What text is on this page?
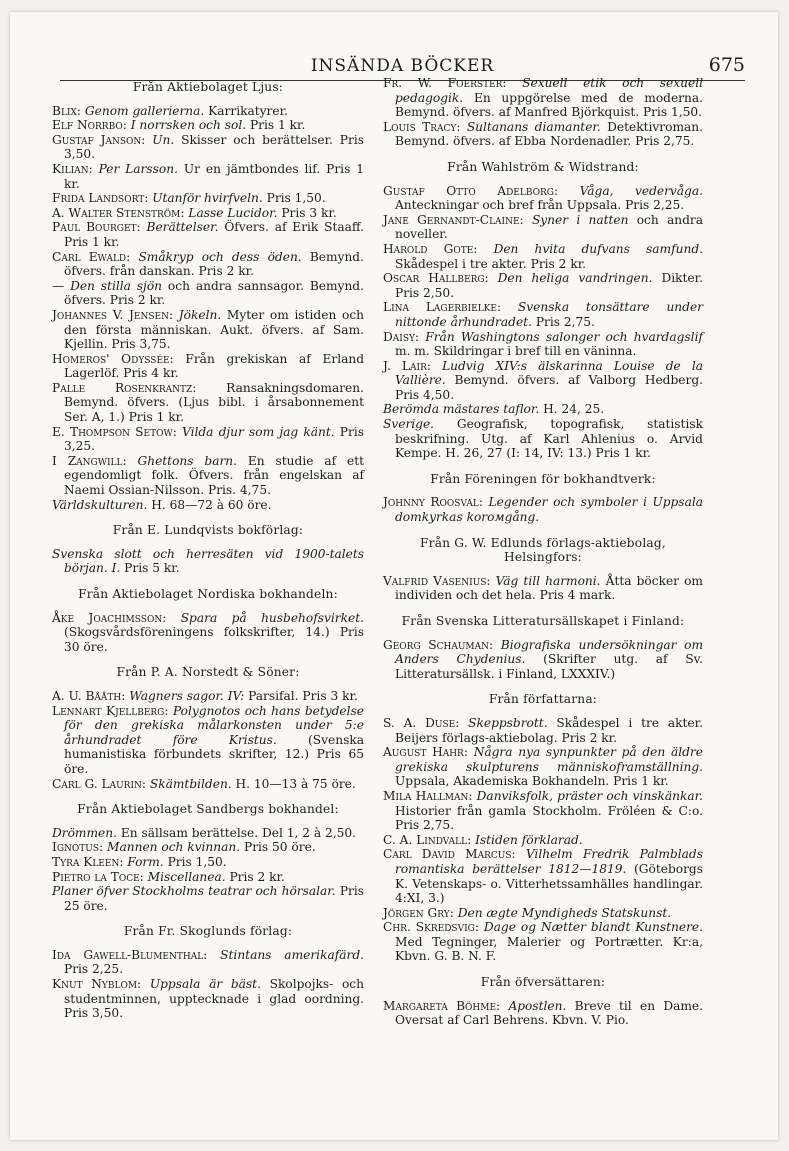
INSÄNDA BÖCKER	675
Från Aktiebolaget Ljus:
Blix: Genom gallerierna. Karrikatyrer.
Elf Norrbo: I norrsken och sol. Pris 1 kr.
Gustaf Janson: Un. Skisser och berättelser. Pris 3,50.
Kilian: Per Larsson. Ur en jämtbondes lif. Pris 1 kr.
Frida Landsort: Utanför hvirfveln. Pris 1,50.
A. Walter Stenström: Lasse Lucidor. Pris 3 kr.
Paul Bourget: Berättelser. Öfvers. af Erik Staaff. Pris 1 kr.
Carl Ewald: Småkryp och dess öden. Bemynd. öfvers. från danskan. Pris 2 kr.
— Den stilla sjön och andra sannsagor. Bemynd. öfvers. Pris 2 kr.
Johannes V. Jensen: Jökeln. Myter om istiden och den första människan. Aukt. öfvers. af Sam. Kjellin. Pris 3,75.
Homeros' Odyssée: Från grekiskan af Erland Lagerlöf. Pris 4 kr.
Palle Rosenkrantz: Ransakningsdomaren. Bemynd. öfvers. (Ljus bibl. i årsabonnement Ser. A, 1.) Pris 1 kr.
E. Thompson Setow: Vilda djur som jag känt. Pris 3,25.
I Zangwill: Ghettons barn. En studie af ett egendomligt folk. Öfvers. från engelskan af Naemi Ossian-Nilsson. Pris. 4,75.
Världskulturen. H. 68—72 à 60 öre.
Från E. Lundqvists bokförlag:
Svenska slott och herresäten vid 1900-talets början. I. Pris 5 kr.
Från Aktiebolaget Nordiska bokhandeln:
Åke Joachimsson: Spara på husbehofsvirket. (Skogsvårdsföreningens folkskrifter, 14.) Pris 30 öre.
Från P. A. Norstedt & Söner:
A. U. Bååth: Wagners sagor. IV: Parsifal. Pris 3 kr.
Lennart Kjellberg: Polygnotos och hans betydelse för den grekiska målarkonsten under 5:e århundradet före Kristus. (Svenska humanistiska förbundets skrifter, 12.) Pris 65 öre.
Carl G. Laurin: Skämtbilden. H. 10—13 à 75 öre.
Från Aktiebolaget Sandbergs bokhandel:
Drömmen. En sällsam berättelse. Del 1, 2 à 2,50.
Ignotus: Mannen och kvinnan. Pris 50 öre.
Tyra Kleen: Form. Pris 1,50.
Pietro la Toce: Miscellanea. Pris 2 kr.
Planer öfver Stockholms teatrar och hörsalar. Pris 25 öre.
Från Fr. Skoglunds förlag:
Ida Gawell-Blumenthal: Stintans amerikafärd. Pris 2,25.
Knut Nyblom: Uppsala är bäst. Skolpojks- och studentminnen, upptecknade i glad oordning. Pris 3,50.
Fr. W. Foerster: Sexuell etik och sexuell pedagogik. En uppgörelse med de moderna. Bemynd. öfvers. af Manfred Björkquist. Pris 1,50.
Louis Tracy: Sultanans diamanter. Detektivroman. Bemynd. öfvers. af Ebba Nordenadler. Pris 2,75.
Från Wahlström & Widstrand:
Gustaf Otto Adelborg: Våga, vedervåga. Anteckningar och bref från Uppsala. Pris 2,25.
Jane Gernandt-Claine: Syner i natten och andra noveller.
Harold Gote: Den hvita dufvans samfund. Skådespel i tre akter. Pris 2 kr.
Oscar Hallberg: Den heliga vandringen. Dikter. Pris 2,50.
Lina Lagerbielke: Svenska tonsättare under nittonde århundradet. Pris 2,75.
Daisy: Från Washingtons salonger och hvardagslif m. m. Skildringar i bref till en väninna.
J. Lair: Ludvig XIV:s älskarinna Louise de la Vallière. Bemynd. öfvers. af Valborg Hedberg. Pris 4,50.
Berömda mästares taflor. H. 24, 25.
Sverige. Geografisk, topografisk, statistisk beskrifning. Utg. af Karl Ahlenius o. Arvid Kempe. H. 26, 27 (I: 14, IV: 13.) Pris 1 kr.
Från Föreningen för bokhandtverk:
Johnny Roosval: Legender och symboler i Uppsala domkyrkas korомgång.
Från G. W. Edlunds förlags-aktiebolag, Helsingfors:
Valfrid Vasenius: Väg till harmoni. Åtta böcker om individen och det hela. Pris 4 mark.
Från Svenska Litteratursällskapet i Finland:
Georg Schauman: Biografiska undersökningar om Anders Chydenius. (Skrifter utg. af Sv. Litteratursällsk. i Finland, LXXXIV.)
Från författarna:
S. A. Duse: Skeppsbrott. Skådespel i tre akter. Beijers förlags-aktiebolag. Pris 2 kr.
August Hahr: Några nya synpunkter på den äldre grekiska skulpturens människoframställning. Uppsala, Akademiska Bokhandeln. Pris 1 kr.
Mila Hallman: Danviksfolk, präster och vinskänkar. Historier från gamla Stockholm. Fröléen & C:o. Pris 2,75.
C. A. Lindvall: Istiden förklarad.
Carl David Marcus: Vilhelm Fredrik Palmblads romantiska berättelser 1812—1819. (Göteborgs K. Vetenskaps- o. Vitterhetssamhälles handlingar. 4:XI, 3.)
Jörgen Gry: Den ægte Myndigheds Statskunst.
Chr. Skredsvig: Dage og Nætter blandt Kunstnere. Med Tegninger, Malerier og Portrætter. Kr:a, Kbvn. G. B. N. F.
Från öfversättaren:
Margareta Böhme: Apostlen. Breve til en Dame. Oversat af Carl Behrens. Kbvn. V. Pio.
